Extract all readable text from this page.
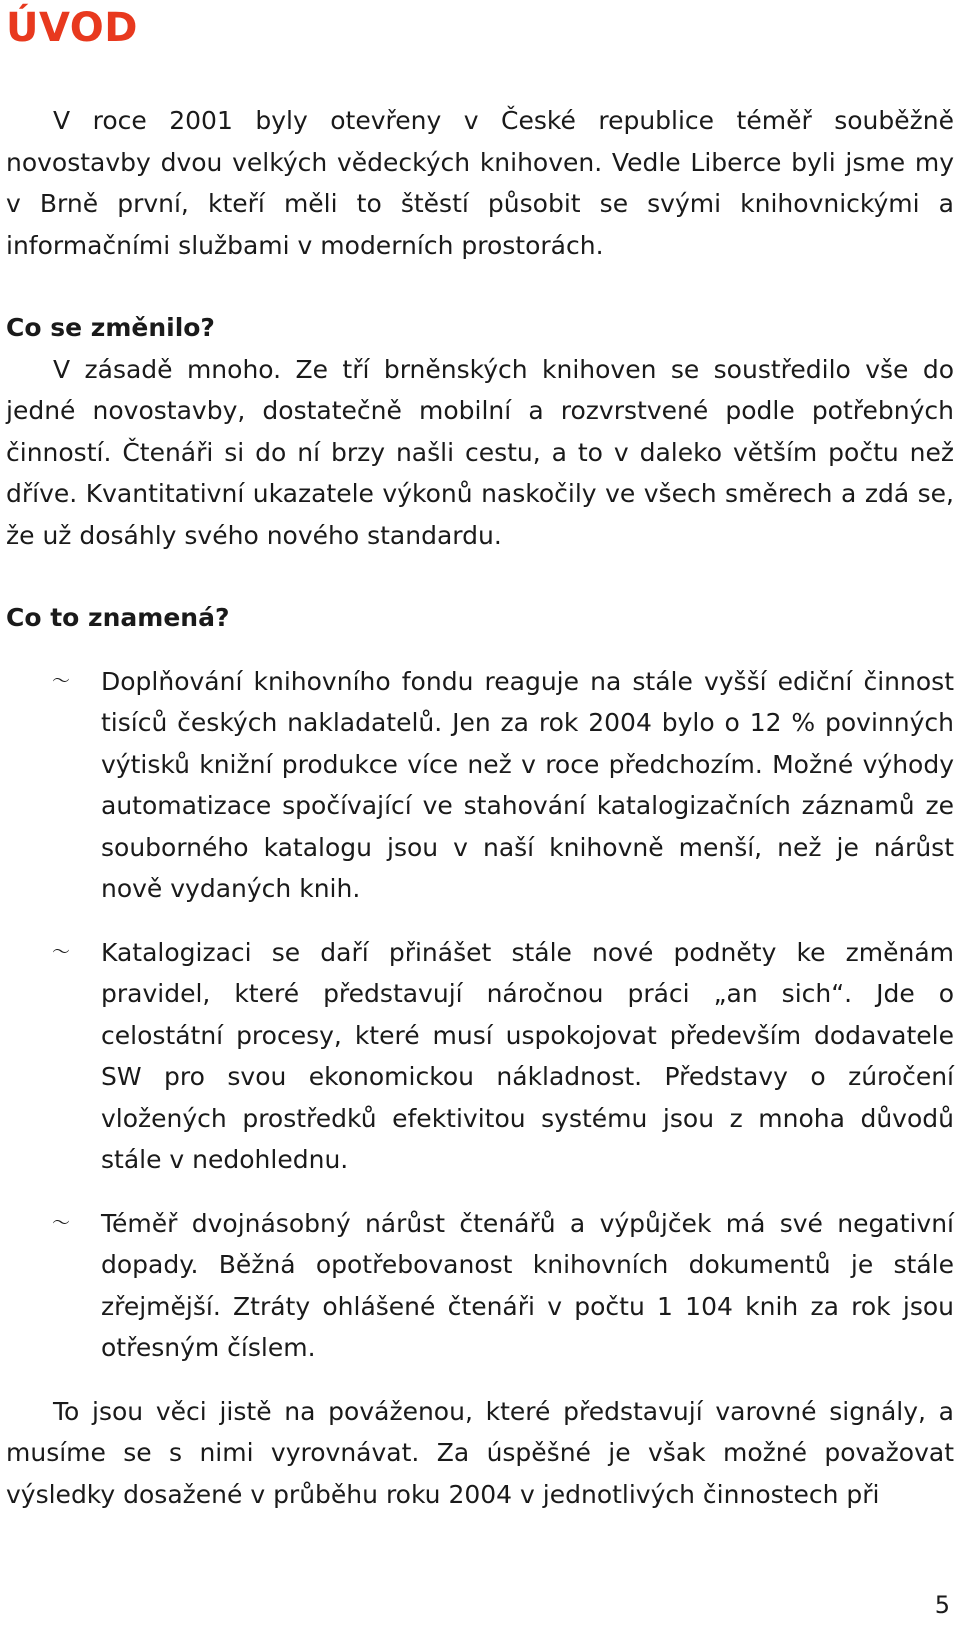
ÚVOD

V roce 2001 byly otevřeny v České republice téměř souběžně novostavby dvou velkých vědeckých knihoven. Vedle Liberce byli jsme my v Brně první, kteří měli to štěstí působit se svými knihovnickými a informačními službami v moderních prostorách.

Co se změnilo?

V zásadě mnoho. Ze tří brněnských knihoven se soustředilo vše do jedné novostavby, dostatečně mobilní a rozvrstvené podle potřebných činností. Čtenáři si do ní brzy našli cestu, a to v daleko větším počtu než dříve. Kvantitativní ukazatele výkonů naskočily ve všech směrech a zdá se, že už dosáhly svého nového standardu.

Co to znamená?
〜 Doplňování knihovního fondu reaguje na stále vyšší ediční činnost tisíců českých nakladatelů. Jen za rok 2004 bylo o 12 % povinných výtisků knižní produkce více než v roce předchozím. Možné výhody automatizace spočívající ve stahování katalogizačních záznamů ze souborného katalogu jsou v naší knihovně menší, než je nárůst nově vydaných knih.
〜 Katalogizaci se daří přinášet stále nové podněty ke změnám pravidel, které představují náročnou práci „an sich“. Jde o celostátní procesy, které musí uspokojovat především dodavatele SW pro svou ekonomickou nákladnost. Představy o zúročení vložených prostředků efektivitou systému jsou z mnoha důvodů stále v nedohlednu.
〜 Téměř dvojnásobný nárůst čtenářů a výpůjček má své negativní dopady. Běžná opotřebovanost knihovních dokumentů je stále zřejmější. Ztráty ohlášené čtenáři v počtu 1 104 knih za rok jsou otřesným číslem.

To jsou věci jistě na pováženou, které představují varovné signály, a musíme se s nimi vyrovnávat. Za úspěšné je však možné považovat výsledky dosažené v průběhu roku 2004 v jednotlivých činnostech při

5
